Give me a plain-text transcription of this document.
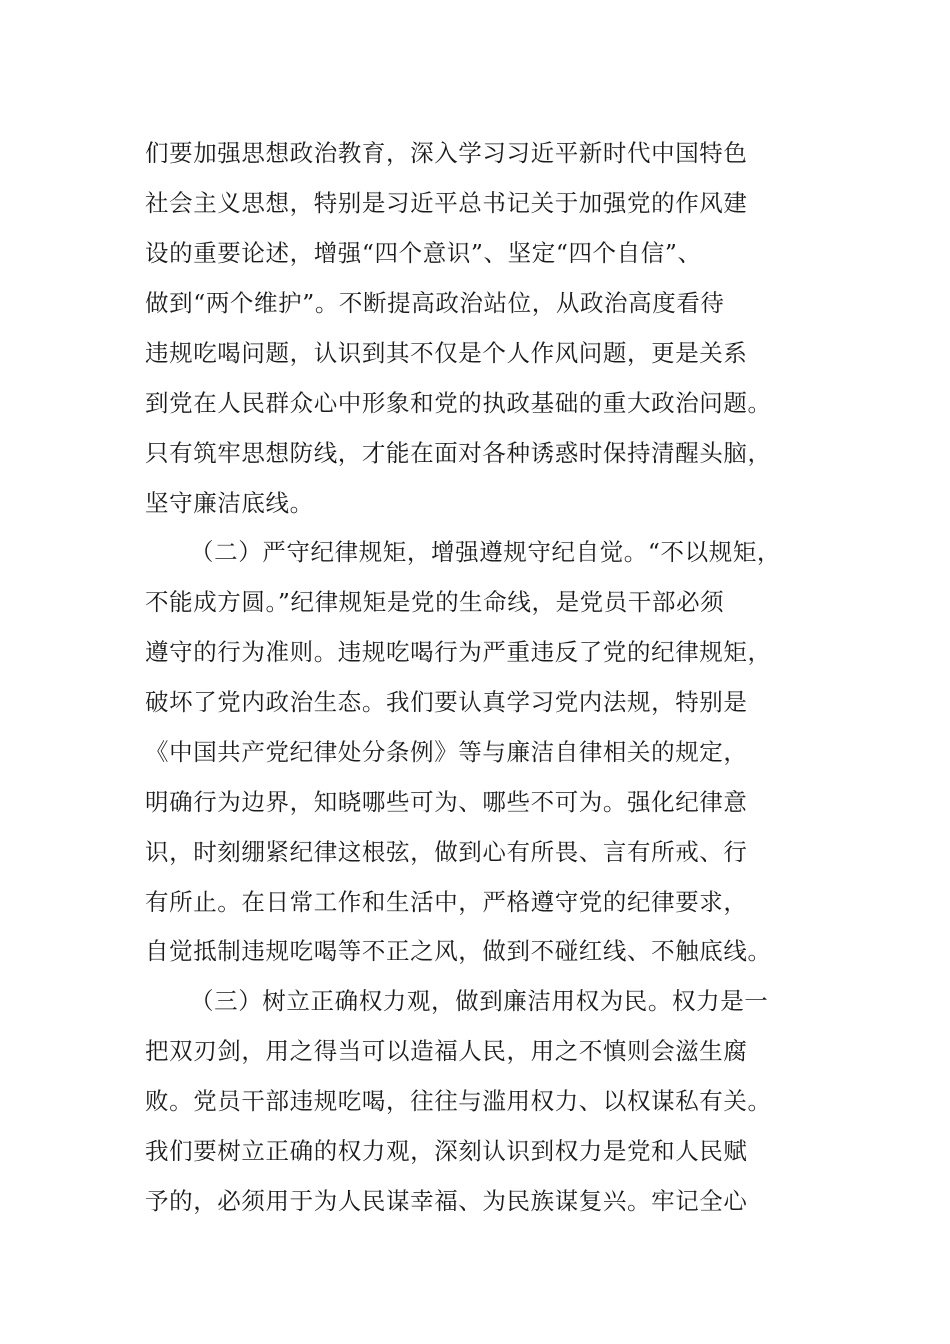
们要加强思想政治教育，深入学习习近平新时代中国特色
社会主义思想，特别是习近平总书记关于加强党的作风建
设的重要论述，增强“四个意识”、坚定“四个自信”、
做到“两个维护”。不断提高政治站位，从政治高度看待
违规吃喝问题，认识到其不仅是个人作风问题，更是关系
到党在人民群众心中形象和党的执政基础的重大政治问题。
只有筑牢思想防线，才能在面对各种诱惑时保持清醒头脑，
坚守廉洁底线。
（二）严守纪律规矩，增强遵规守纪自觉。“不以规矩，
不能成方圆。”纪律规矩是党的生命线，是党员干部必须
遵守的行为准则。违规吃喝行为严重违反了党的纪律规矩，
破坏了党内政治生态。我们要认真学习党内法规，特别是
《中国共产党纪律处分条例》等与廉洁自律相关的规定，
明确行为边界，知晓哪些可为、哪些不可为。强化纪律意
识，时刻绷紧纪律这根弦，做到心有所畏、言有所戒、行
有所止。在日常工作和生活中，严格遵守党的纪律要求，
自觉抵制违规吃喝等不正之风，做到不碰红线、不触底线。
（三）树立正确权力观，做到廉洁用权为民。权力是一
把双刃剑，用之得当可以造福人民，用之不慎则会滋生腐
败。党员干部违规吃喝，往往与滥用权力、以权谋私有关。
我们要树立正确的权力观，深刻认识到权力是党和人民赋
予的，必须用于为人民谋幸福、为民族谋复兴。牢记全心
